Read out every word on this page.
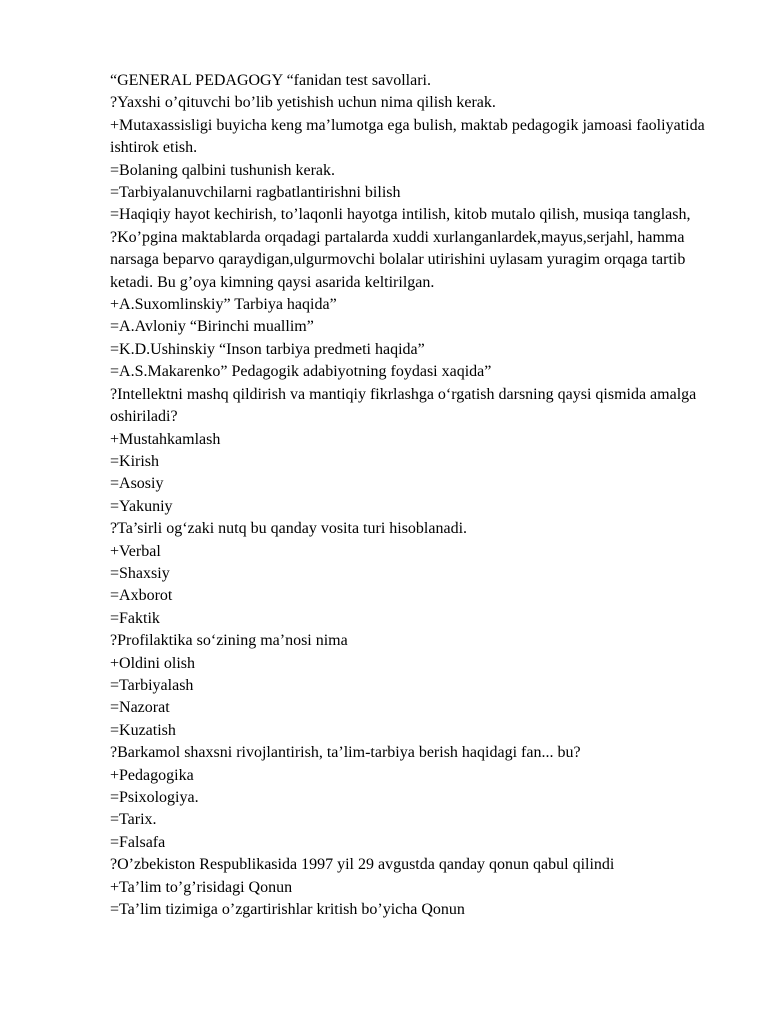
“GENERAL PEDAGOGY “fanidan test savollari.
?Yaxshi o’qituvchi bo’lib yetishish uchun nima qilish kerak.
+Mutaxassisligi buyicha keng ma’lumotga ega bulish, maktab pedagogik jamoasi faoliyatida ishtirok etish.
=Bolaning qalbini tushunish kerak.
=Tarbiyalanuvchilarni ragbatlantirishni bilish
=Haqiqiy hayot kechirish, to’laqonli hayotga intilish, kitob mutalo qilish, musiqa tanglash,
?Ko’pgina maktablarda orqadagi partalarda xuddi xurlanganlardek,mayus,serjahl, hamma narsaga beparvo qaraydigan,ulgurmovchi bolalar utirishini uylasam yuragim orqaga tartib ketadi. Bu g’oya kimning qaysi asarida keltirilgan.
+A.Suxomlinskiy” Tarbiya haqida”
=A.Avloniy “Birinchi muallim”
=K.D.Ushinskiy “Inson tarbiya predmeti haqida”
=A.S.Makarenko” Pedagogik adabiyotning foydasi xaqida”
?Intellektni mashq qildirish va mantiqiy fikrlashga o‘rgatish darsning qaysi qismida amalga oshiriladi?
+Mustahkamlash
=Kirish
=Asosiy
=Yakuniy
?Ta’sirli og‘zaki nutq bu qanday vosita turi hisoblanadi.
+Verbal
=Shaxsiy
=Axborot
=Faktik
?Profilaktika so‘zining ma’nosi nima
+Oldini olish
=Tarbiyalash
=Nazorat
=Kuzatish
?Barkamol shaxsni rivojlantirish, ta’lim-tarbiya berish haqidagi fan... bu?
+Pedagogika
=Psixologiya.
=Tarix.
=Falsafa
?O’zbekiston Respublikasida 1997 yil 29 avgustda qanday qonun qabul qilindi
+Ta’lim to’g’risidagi Qonun
=Ta’lim tizimiga o’zgartirishlar kritish bo’yicha Qonun
